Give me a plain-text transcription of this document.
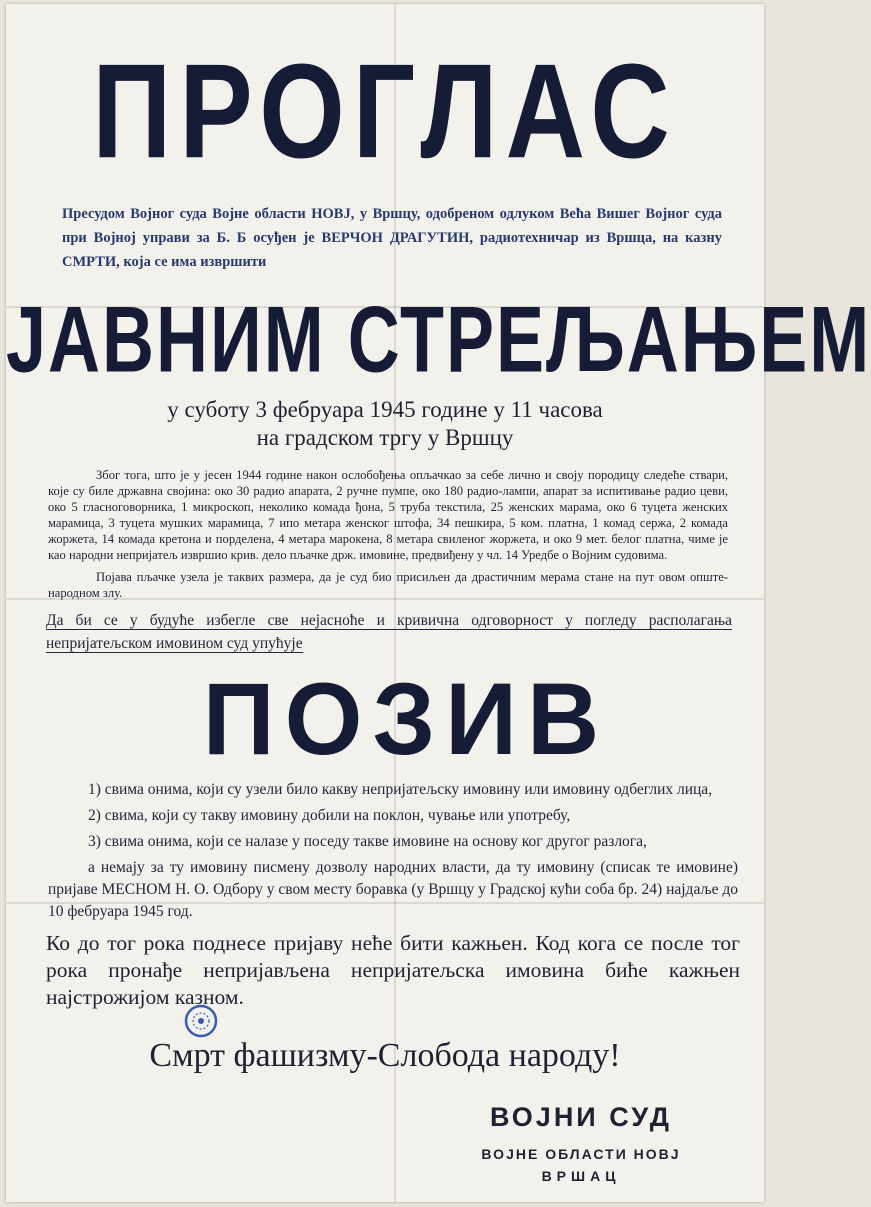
ПРОГЛАС

Пресудом Војног суда Војне области НОВЈ, у Вршцу, одобреном одлуком Већа Вишег Војног суда при Војној управи за Б. Б осуђен је ВЕРЧОН ДРАГУТИН, радиотехничар из Вршца, на казну СМРТИ, која се има извршити

ЈАВНИМ СТРЕЉАЊЕМ
у суботу 3 фебруара 1945 године у 11 часова
на градском тргу у Вршцу

Због тога, што је у јесен 1944 године након ослобођења опљачкао за себе лично и своју породицу следеће ствари, које су биле државна својина: око 30 радио апарата, 2 ручне пумпе, око 180 радио-лампи, апарат за испитивање радио цеви, око 5 гласноговорника, 1 микроскоп, неколико комада ђона, 5 труба текстила, 25 женских марама, око 6 туцета женских марамица, 3 туцета мушких марамица, 7 ипо метара женског штофа, 34 пешкира, 5 ком. платна, 1 комад сержа, 2 комада жоржета, 14 комада кретона и порделена, 4 метара марокена, 8 метара свиленог жоржета, и око 9 мет. белог платна, чиме је као народни непријатељ извршио крив. дело пљачке држ. имовине, предвиђену у чл. 14 Уредбе о Војним судовима.

Појава пљачке узела је таквих размера, да је суд био присиљен да драстичним мерама стане на пут овом опште-народном злу.

Да би се у будуће избегле све нејасноће и кривична одговорност у погледу располагања непријатељском имовином суд упућује

ПОЗИВ

1) свима онима, који су узели било какву непријатељску имовину или имовину одбеглих лица,

2) свима, који су такву имовину добили на поклон, чување или употребу,

3) свима онима, који се налазе у поседу такве имовине на основу ког другог разлога,

а немају за ту имовину писмену дозволу народних власти, да ту имовину (списак те имовине) пријаве МЕСНОМ Н. О. Одбору у свом месту боравка (у Вршцу у Градској кући соба бр. 24) најдаље до 10 фебруара 1945 год.

Ко до тог рока поднесе пријаву неће бити кажњен. Код кога се после тог рока пронађе непријављена непријатељска имовина биће кажњен најстрожијом казном.

Смрт фашизму-Слобода народу!

ВОЈНИ СУД
ВОЈНЕ ОБЛАСТИ НОВЈ
ВРШАЦ
